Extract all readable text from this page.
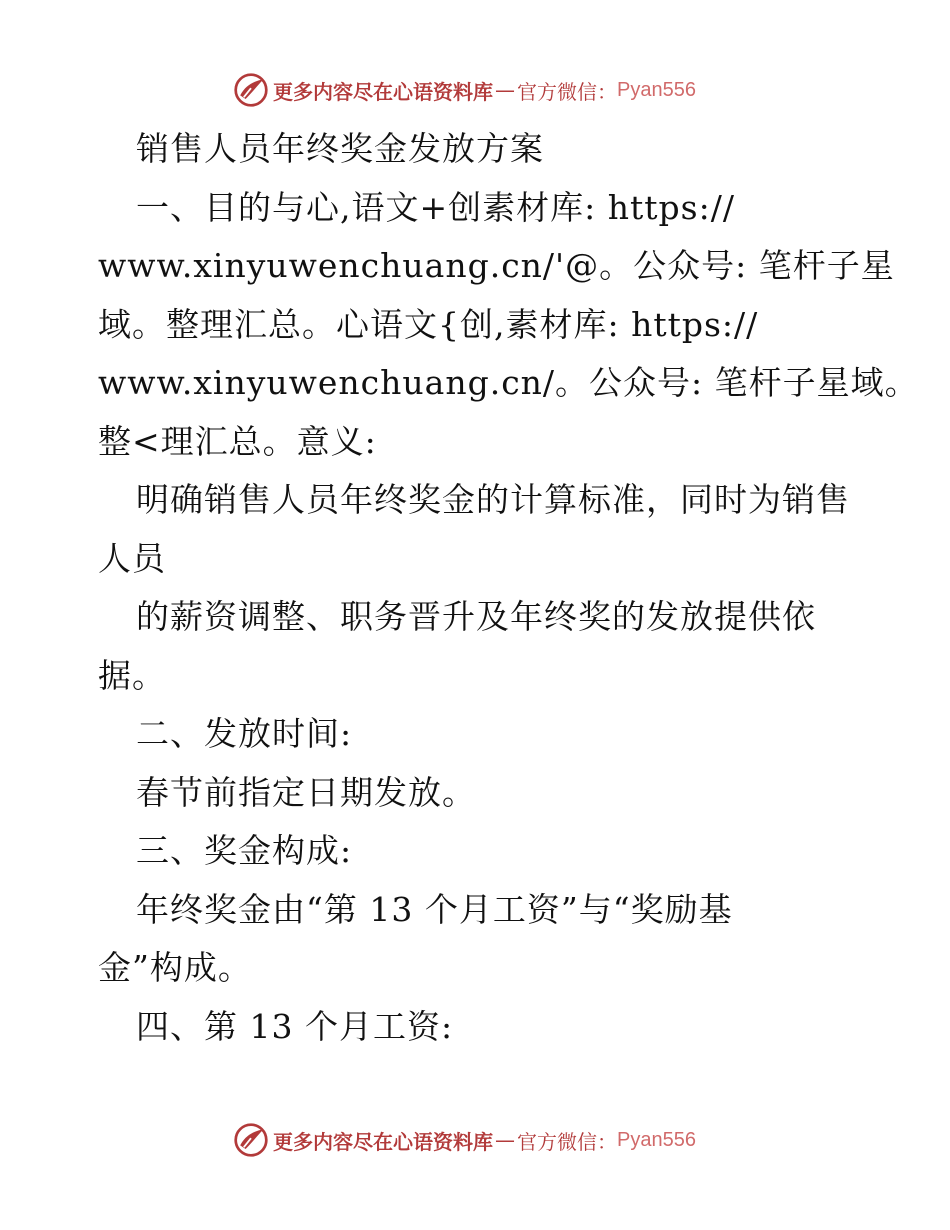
更多内容尽在心语资料库 — 官方微信： Pyan556
销售人员年终奖金发放方案
一、目的与心,语文+创素材库: https://
www.xinyuwenchuang.cn/'@。公众号: 笔杆子星
域。整理汇总。心语文{创,素材库: https://
www.xinyuwenchuang.cn/。公众号: 笔杆子星域。
整<理汇总。意义:
明确销售人员年终奖金的计算标准，同时为销售
人员
的薪资调整、职务晋升及年终奖的发放提供依
据。
二、发放时间:
春节前指定日期发放。
三、奖金构成:
年终奖金由“第 13 个月工资”与“奖励基
金”构成。
四、第 13 个月工资:
更多内容尽在心语资料库 — 官方微信： Pyan556
